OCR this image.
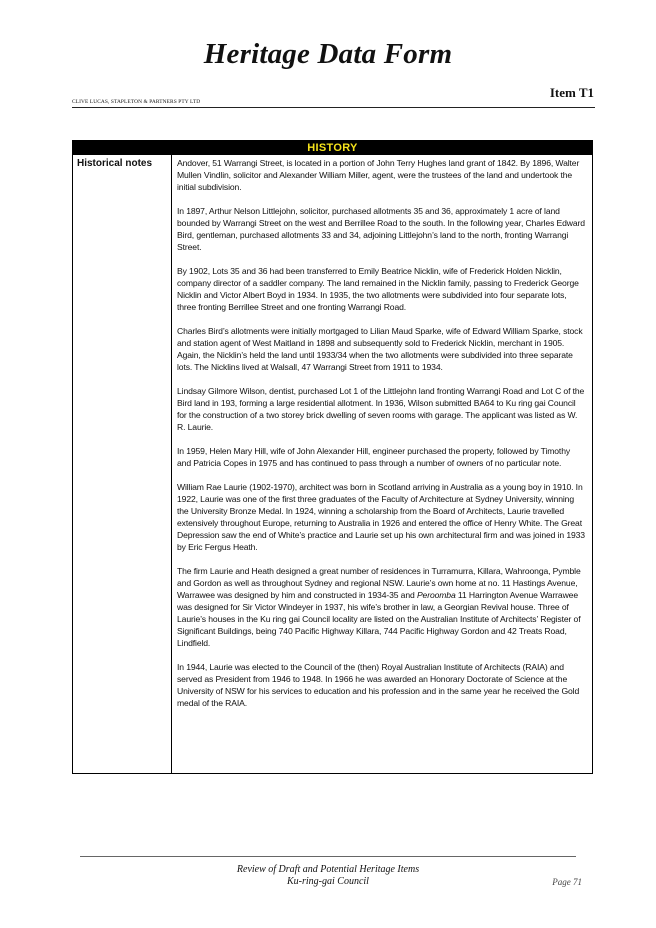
Heritage Data Form
Item T1
CLIVE LUCAS, STAPLETON & PARTNERS PTY LTD
HISTORY
Historical notes	Andover, 51 Warrangi Street, is located in a portion of John Terry Hughes land grant of 1842. By 1896, Walter Mullen Vindlin, solicitor and Alexander William Miller, agent, were the trustees of the land and undertook the initial subdivision.

In 1897, Arthur Nelson Littlejohn, solicitor, purchased allotments 35 and 36, approximately 1 acre of land bounded by Warrangi Street on the west and Berrillee Road to the south. In the following year, Charles Edward Bird, gentleman, purchased allotments 33 and 34, adjoining Littlejohn’s land to the north, fronting Warrangi Street.

By 1902, Lots 35 and 36 had been transferred to Emily Beatrice Nicklin, wife of Frederick Holden Nicklin, company director of a saddler company. The land remained in the Nicklin family, passing to Frederick George Nicklin and Victor Albert Boyd in 1934. In 1935, the two allotments were subdivided into four separate lots, three fronting Berrillee Street and one fronting Warrangi Road.

Charles Bird’s allotments were initially mortgaged to Lilian Maud Sparke, wife of Edward William Sparke, stock and station agent of West Maitland in 1898 and subsequently sold to Frederick Nicklin, merchant in 1905. Again, the Nicklin’s held the land until 1933/34 when the two allotments were subdivided into three separate lots. The Nicklins lived at Walsall, 47 Warrangi Street from 1911 to 1934.

Lindsay Gilmore Wilson, dentist, purchased Lot 1 of the Littlejohn land fronting Warrangi Road and Lot C of the Bird land in 193, forming a large residential allotment. In 1936, Wilson submitted BA64 to Ku ring gai Council for the construction of a two storey brick dwelling of seven rooms with garage. The applicant was listed as W. R. Laurie.

In 1959, Helen Mary Hill, wife of John Alexander Hill, engineer purchased the property, followed by Timothy and Patricia Copes in 1975 and has continued to pass through a number of owners of no particular note.

William Rae Laurie (1902-1970), architect was born in Scotland arriving in Australia as a young boy in 1910. In 1922, Laurie was one of the first three graduates of the Faculty of Architecture at Sydney University, winning the University Bronze Medal. In 1924, winning a scholarship from the Board of Architects, Laurie travelled extensively throughout Europe, returning to Australia in 1926 and entered the office of Henry White. The Great Depression saw the end of White’s practice and Laurie set up his own architectural firm and was joined in 1933 by Eric Fergus Heath.

The firm Laurie and Heath designed a great number of residences in Turramurra, Killara, Wahroonga, Pymble and Gordon as well as throughout Sydney and regional NSW. Laurie’s own home at no. 11 Hastings Avenue, Warrawee was designed by him and constructed in 1934-35 and Peroomba 11 Harrington Avenue Warrawee was designed for Sir Victor Windeyer in 1937, his wife’s brother in law, a Georgian Revival house. Three of Laurie’s houses in the Ku ring gai Council locality are listed on the Australian Institute of Architects’ Register of Significant Buildings, being 740 Pacific Highway Killara, 744 Pacific Highway Gordon and 42 Treats Road, Lindfield.

In 1944, Laurie was elected to the Council of the (then) Royal Australian Institute of Architects (RAIA) and served as President from 1946 to 1948. In 1966 he was awarded an Honorary Doctorate of Science at the University of NSW for his services to education and his profession and in the same year he received the Gold medal of the RAIA.

Review of Draft and Potential Heritage Items
Ku-ring-gai Council	Page 71
